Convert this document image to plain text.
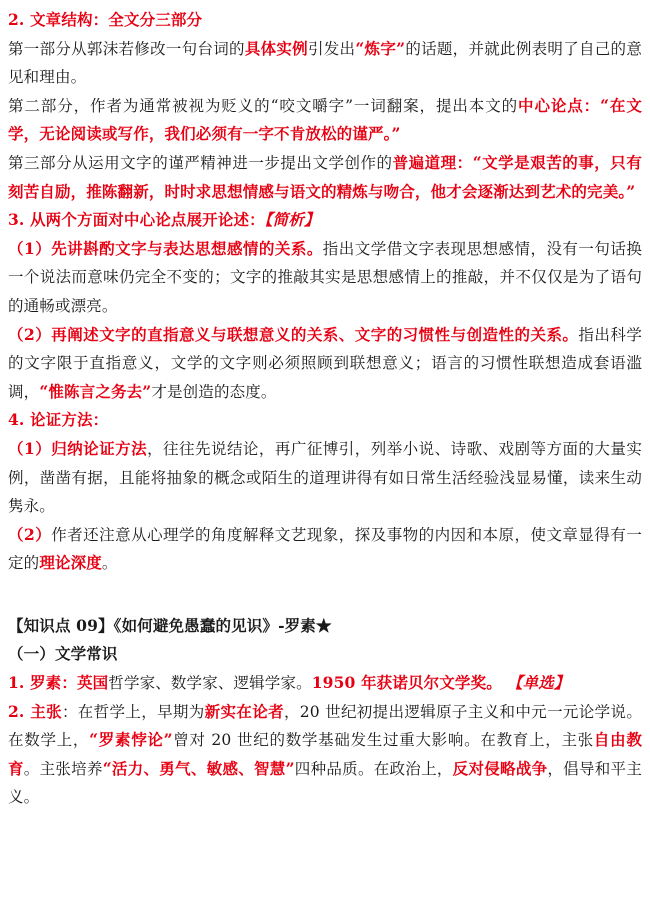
2. 文章结构：全文分三部分

第一部分从郭沫若修改一句台词的具体实例引发出“炼字”的话题，并就此例表明了自己的意见和理由。

第二部分，作者为通常被视为贬义的“咬文嚼字”一词翻案，提出本文的中心论点：“在文学，无论阅读或写作，我们必须有一字不肯放松的谨严。”

第三部分从运用文字的谨严精神进一步提出文学创作的普遍道理：“文学是艰苦的事，只有刻苦自励，推陈翻新，时时求思想情感与语文的精炼与吻合，他才会逐渐达到艺术的完美。”

3. 从两个方面对中心论点展开论述：【简析】

（1）先讲斟酌文字与表达思想感情的关系。指出文学借文字表现思想感情，没有一句话换一个说法而意味仍完全不变的；文字的推敲其实是思想感情上的推敲，并不仅仅是为了语句的通畅或漂亮。

（2）再阐述文字的直指意义与联想意义的关系、文字的习惯性与创造性的关系。指出科学的文字限于直指意义，文学的文字则必须照顾到联想意义；语言的习惯性联想造成套语滥调，“惟陈言之务去”才是创造的态度。

4. 论证方法：

（1）归纳论证方法，往往先说结论，再广征博引，列举小说、诗歌、戏剧等方面的大量实例，凿凿有据，且能将抽象的概念或陌生的道理讲得有如日常生活经验浅显易懂，读来生动隽永。

（2）作者还注意从心理学的角度解释文艺现象，探及事物的内因和本原，使文章显得有一定的理论深度。

【知识点 09】《如何避免愚蠢的见识》-罗素★

（一）文学常识

1. 罗素：英国哲学家、数学家、逻辑学家。1950 年获诺贝尔文学奖。 【单选】

2. 主张：在哲学上，早期为新实在论者，20 世纪初提出逻辑原子主义和中元一元论学说。在数学上，“罗素悖论”曾对 20 世纪的数学基础发生过重大影响。在教育上，主张自由教育。主张培养“活力、勇气、敏感、智慧”四种品质。在政治上，反对侵略战争，倡导和平主义。
